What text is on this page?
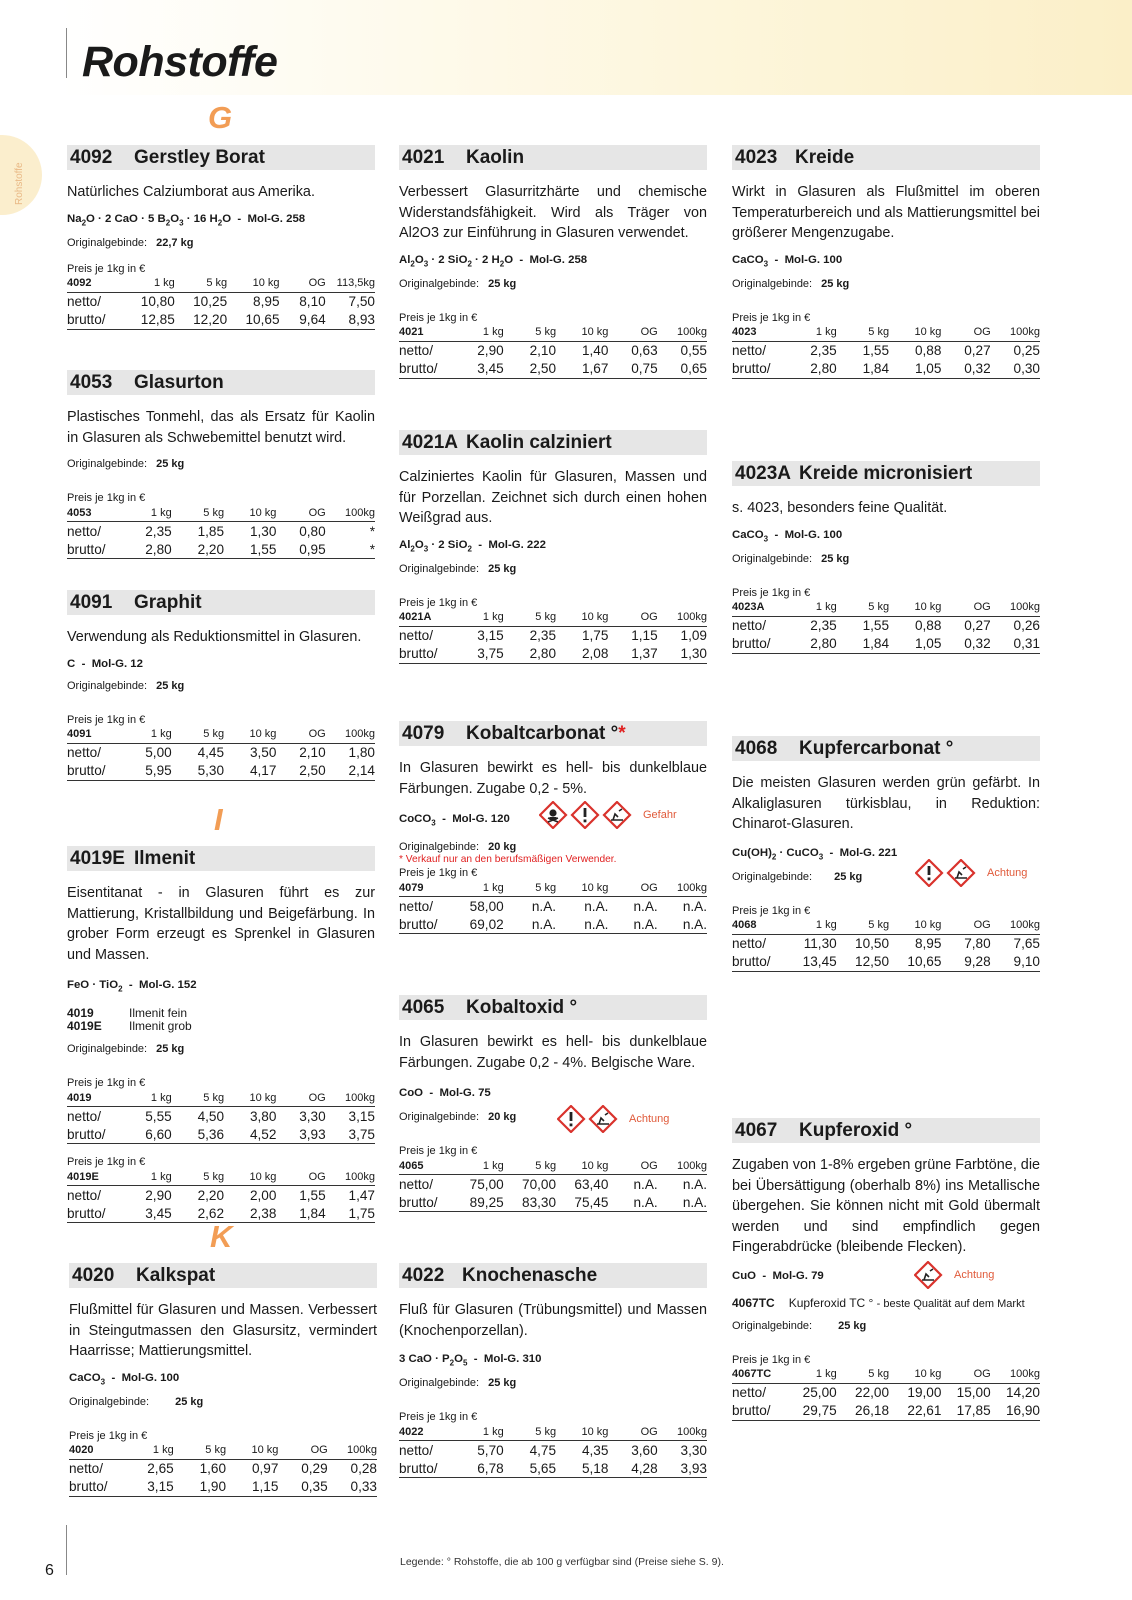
Rohstoffe
Rohstoffe
G
I
K
6	Legende: ° Rohstoffe, die ab 100 g verfügbar sind (Preise siehe S. 9).
4092 Gerstley Borat
Natürliches Calziumborat aus Amerika.
$Na_2O \cdot 2$ CaO · 5 $B_2O_3 \cdot 16$ $H_2O - Mol-G$. 258
Originalgebinde: 22,7 kg
Preis je 1kg in €
4092	1 kg	5 kg	10 kg	OG	113,5kg
netto/	10,80	10,25	8,95	8,10	7,50
brutto/	12,85	12,20	10,65	9,64	8,93
4053 Glasurton
Plastisches Tonmehl, das als Ersatz für Kaolin in Glasuren als Schwebemittel benutzt wird.
Originalgebinde: 25 kg
Preis je 1kg in €
4053	1 kg	5 kg	10 kg	OG	100kg
netto/	2,35	1,85	1,30	0,80	*
brutto/	2,80	2,20	1,55	0,95	*
4091 Graphit
Verwendung als Reduktionsmittel in Glasuren.
C  -  Mol-G. 12
Originalgebinde: 25 kg
Preis je 1kg in €
4091	1 kg	5 kg	10 kg	OG	100kg
netto/	5,00	4,45	3,50	2,10	1,80
brutto/	5,95	5,30	4,17	2,50	2,14
4019E Ilmenit
Eisentitanat - in Glasuren führt es zur Mattierung, Kristallbildung und Beigefärbung. In grober Form erzeugt es Sprenkel in Glasuren und Massen.
FeO · TiO$_2$  -  Mol-G. 152
4019	Ilmenit fein
4019E Ilmenit grob
Originalgebinde: 25 kg
Preis je 1kg in €
4019	1 kg	5 kg	10 kg	OG	100kg
netto/	5,55	4,50	3,80	3,30	3,15
brutto/	6,60	5,36	4,52	3,93	3,75
Preis je 1kg in €
4019E	1 kg	5 kg	10 kg	OG	100kg
netto/	2,90	2,20	2,00	1,55	1,47
brutto/	3,45	2,62	2,38	1,84	1,75
4020 Kalkspat
Flußmittel für Glasuren und Massen. Verbessert in Steingutmassen den Glasursitz, vermindert Haarrisse; Mattierungsmittel.
CaCO$_3$  -  Mol-G. 100
Originalgebinde: 25 kg
Preis je 1kg in €
4020	1 kg	5 kg	10 kg	OG	100kg
netto/	2,65	1,60	0,97	0,29	0,28
brutto/	3,15	1,90	1,15	0,35	0,33
4021 Kaolin
Verbessert Glasurritzhärte und chemische Widerstandsfähigkeit. Wird als Träger von Al2O3 zur Einführung in Glasuren verwendet.
$Al_2O_3 \cdot 2$ SiO$_2$ · 2 $H_2O - Mol-G$. 258
Originalgebinde: 25 kg
Preis je 1kg in €
4021	1 kg	5 kg	10 kg	OG	100kg
netto/	2,90	2,10	1,40	0,63	0,55
brutto/	3,45	2,50	1,67	0,75	0,65
4021A Kaolin calziniert
Calziniertes Kaolin für Glasuren, Massen und für Porzellan. Zeichnet sich durch einen hohen Weißgrad aus.
$Al_2O_3 \cdot 2$ SiO$_2$  -  Mol-G. 222
Originalgebinde: 25 kg
Preis je 1kg in €
4021A	1 kg	5 kg	10 kg	OG	100kg
netto/	3,15	2,35	1,75	1,15	1,09
brutto/	3,75	2,80	2,08	1,37	1,30
4079 Kobaltcarbonat °*
In Glasuren bewirkt es hell- bis dunkelblaue Färbungen. Zugabe 0,2 - 5%.
CoCO$_3$  -  Mol-G. 120
Originalgebinde: 20 kg
Gefahr
* Verkauf nur an den berufsmäßigen Verwender.
Preis je 1kg in €
4079	1 kg	5 kg	10 kg	OG	100kg
netto/	58,00	n.A.	n.A.	n.A.	n.A.
brutto/	69,02	n.A.	n.A.	n.A.	n.A.
4065 Kobaltoxid °
In Glasuren bewirkt es hell- bis dunkelblaue Färbungen. Zugabe 0,2 - 4%. Belgische Ware.
CoO  -  Mol-G. 75
Originalgebinde: 20 kg	Achtung
Preis je 1kg in €
4065	1 kg	5 kg	10 kg	OG	100kg
netto/	75,00	70,00	63,40	n.A.	n.A.
brutto/	89,25	83,30	75,45	n.A.	n.A.
4022 Knochenasche
Fluß für Glasuren (Trübungsmittel) und Massen (Knochenporzellan).
3 CaO · $P_2O_5 - Mol-G$. 310
Originalgebinde: 25 kg
Preis je 1kg in €
4022	1 kg	5 kg	10 kg	OG	100kg
netto/	5,70	4,75	4,35	3,60	3,30
brutto/	6,78	5,65	5,18	4,28	3,93
4023 Kreide
Wirkt in Glasuren als Flußmittel im oberen Temperaturbereich und als Mattierungsmittel bei größerer Mengenzugabe.
CaCO$_3$  -  Mol-G. 100
Originalgebinde: 25 kg
Preis je 1kg in €
4023	1 kg	5 kg	10 kg	OG	100kg
netto/	2,35	1,55	0,88	0,27	0,25
brutto/	2,80	1,84	1,05	0,32	0,30
4023A Kreide micronisiert
s. 4023, besonders feine Qualität.
CaCO$_3$  -  Mol-G. 100
Originalgebinde: 25 kg
Preis je 1kg in €
4023A	1 kg	5 kg	10 kg	OG	100kg
netto/	2,35	1,55	0,88	0,27	0,26
brutto/	2,80	1,84	1,05	0,32	0,31
4068 Kupfercarbonat °
Die meisten Glasuren werden grün gefärbt. In Alkaliglasuren türkisblau, in Reduktion: Chinarot-Glasuren.
$Cu(OH)_2$ · CuCO$_3$  -  Mol-G. 221
Originalgebinde: 25 kg	Achtung
Preis je 1kg in €
4068	1 kg	5 kg	10 kg	OG	100kg
netto/	11,30	10,50	8,95	7,80	7,65
brutto/	13,45	12,50	10,65	9,28	9,10
4067 Kupferoxid °
Zugaben von 1-8% ergeben grüne Farbtöne, die bei Übersättigung (oberhalb 8%) ins Metallische übergehen. Sie können nicht mit Gold übermalt werden und sind empfindlich gegen Fingerabdrücke (bleibende Flecken).
CuO  -  Mol-G. 79	Achtung
4067TC Kupferoxid TC ° - beste Qualität auf dem Markt
Originalgebinde: 25 kg
Preis je 1kg in €
4067TC	1 kg	5 kg	10 kg	OG	100kg
netto/	25,00	22,00	19,00	15,00	14,20
brutto/	29,75	26,18	22,61	17,85	16,90
